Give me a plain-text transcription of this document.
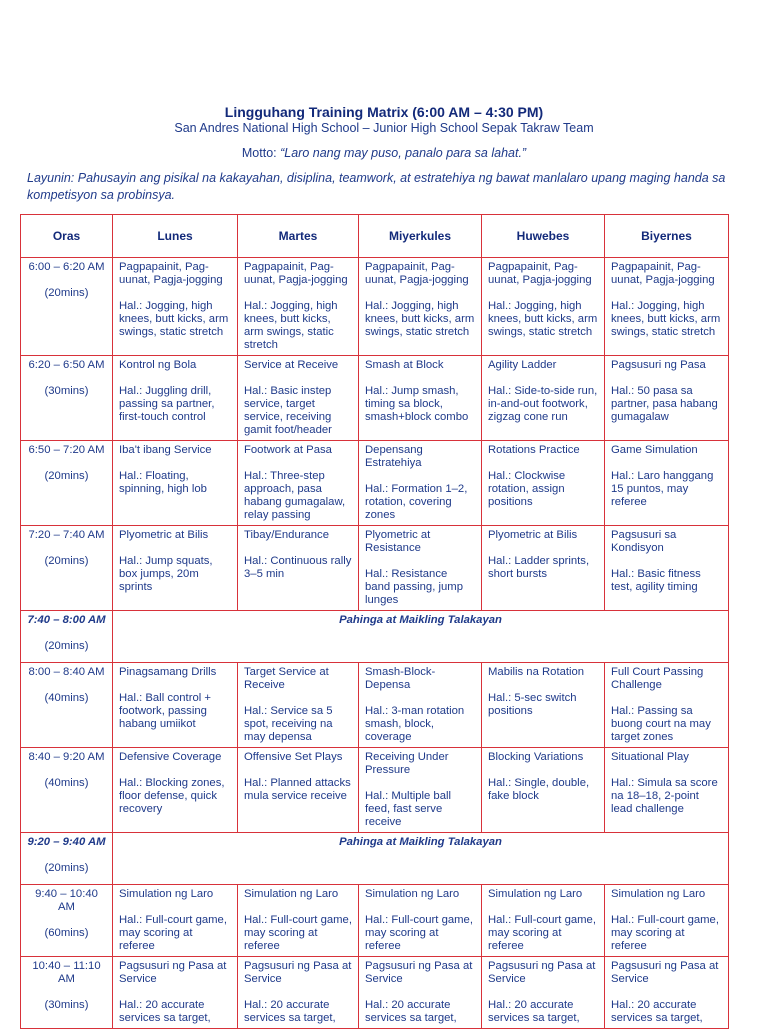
Lingguhang Training Matrix (6:00 AM – 4:30 PM)
San Andres National High School – Junior High School Sepak Takraw Team
Motto: “Laro nang may puso, panalo para sa lahat.”
Layunin: Pahusayin ang pisikal na kakayahan, disiplina, teamwork, at estratehiya ng bawat manlalaro upang maging handa sa kompetisyon sa probinsya.
Oras	Lunes	Martes	Miyerkules	Huwebes	Biyernes

6:00 – 6:20 AM
(20mins)	Pagpapainit, Pag-uunat, Pagja-jogging
Hal.: Jogging, high knees, butt kicks, arm swings, static stretch	Pagpapainit, Pag-uunat, Pagja-jogging
Hal.: Jogging, high knees, butt kicks, arm swings, static stretch	Pagpapainit, Pag-uunat, Pagja-jogging
Hal.: Jogging, high knees, butt kicks, arm swings, static stretch	Pagpapainit, Pag-uunat, Pagja-jogging
Hal.: Jogging, high knees, butt kicks, arm swings, static stretch	Pagpapainit, Pag-uunat, Pagja-jogging
Hal.: Jogging, high knees, butt kicks, arm swings, static stretch

6:20 – 6:50 AM
(30mins)	Kontrol ng Bola
Hal.: Juggling drill, passing sa partner, first-touch control	Service at Receive
Hal.: Basic instep service, target service, receiving gamit foot/header	Smash at Block
Hal.: Jump smash, timing sa block, smash+block combo	Agility Ladder
Hal.: Side-to-side run, in-and-out footwork, zigzag cone run	Pagsusuri ng Pasa
Hal.: 50 pasa sa partner, pasa habang gumagalaw

6:50 – 7:20 AM
(20mins)	Iba't ibang Service
Hal.: Floating, spinning, high lob	Footwork at Pasa
Hal.: Three-step approach, pasa habang gumagalaw, relay passing	Depensang Estratehiya
Hal.: Formation 1–2, rotation, covering zones	Rotations Practice
Hal.: Clockwise rotation, assign positions	Game Simulation
Hal.: Laro hanggang 15 puntos, may referee

7:20 – 7:40 AM
(20mins)	Plyometric at Bilis
Hal.: Jump squats, box jumps, 20m sprints	Tibay/Endurance
Hal.: Continuous rally 3–5 min	Plyometric at Resistance
Hal.: Resistance band passing, jump lunges	Plyometric at Bilis
Hal.: Ladder sprints, short bursts	Pagsusuri sa Kondisyon
Hal.: Basic fitness test, agility timing
7:40 – 8:00 AM
(20mins)	Pahinga at Maikling Talakayan				

8:00 – 8:40 AM
(40mins)	Pinagsamang Drills
Hal.: Ball control + footwork, passing habang umiikot	Target Service at Receive
Hal.: Service sa 5 spot, receiving na may depensa	Smash-Block-Depensa
Hal.: 3-man rotation smash, block, coverage	Mabilis na Rotation
Hal.: 5-sec switch positions	Full Court Passing Challenge
Hal.: Passing sa buong court na may target zones

8:40 – 9:20 AM
(40mins)	Defensive Coverage
Hal.: Blocking zones, floor defense, quick recovery	Offensive Set Plays
Hal.: Planned attacks mula service receive	Receiving Under Pressure
Hal.: Multiple ball feed, fast serve receive	Blocking Variations
Hal.: Single, double, fake block	Situational Play
Hal.: Simula sa score na 18–18, 2-point lead challenge
9:20 – 9:40 AM
(20mins)	Pahinga at Maikling Talakayan				

9:40 – 10:40 AM
(60mins)	Simulation ng Laro
Hal.: Full-court game, may scoring at referee	Simulation ng Laro
Hal.: Full-court game, may scoring at referee	Simulation ng Laro
Hal.: Full-court game, may scoring at referee	Simulation ng Laro
Hal.: Full-court game, may scoring at referee	Simulation ng Laro
Hal.: Full-court game, may scoring at referee

10:40 – 11:10 AM
(30mins)	Pagsusuri ng Pasa at Service
Hal.: 20 accurate services sa target,	Pagsusuri ng Pasa at Service
Hal.: 20 accurate services sa target,	Pagsusuri ng Pasa at Service
Hal.: 20 accurate services sa target,	Pagsusuri ng Pasa at Service
Hal.: 20 accurate services sa target,	Pagsusuri ng Pasa at Service
Hal.: 20 accurate services sa target,
